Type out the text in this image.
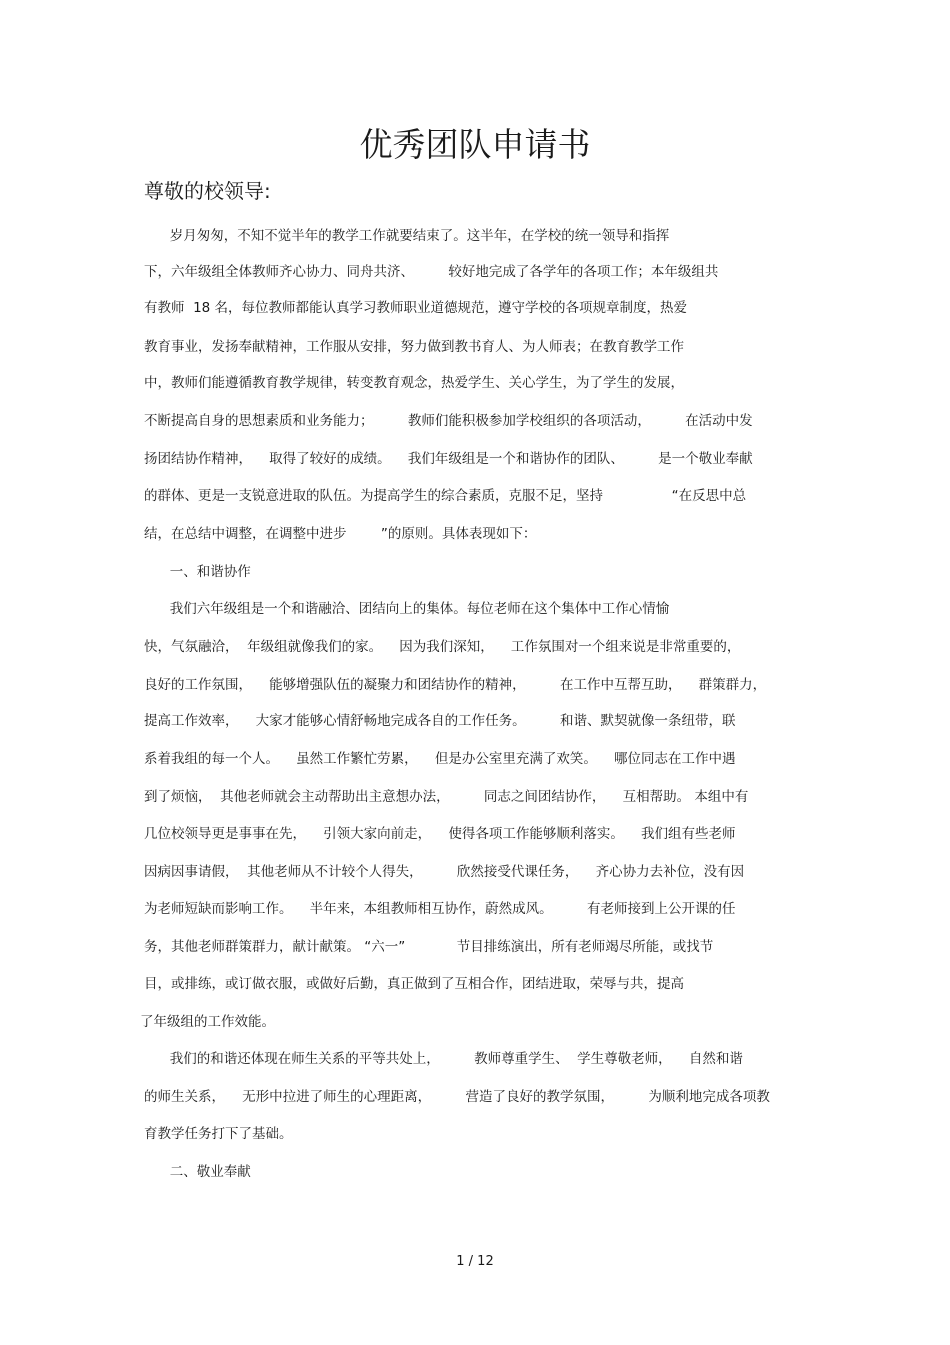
优秀团队申请书

尊敬的校领导:

岁月匆匆，不知不觉半年的教学工作就要结束了。这半年，在学校的统一领导和指挥

下，六年级组全体教师齐心协力、同舟共济、        较好地完成了各学年的各项工作；本年级组共

有教师  18 名，每位教师都能认真学习教师职业道德规范，遵守学校的各项规章制度，热爱

教育事业，发扬奉献精神，工作服从安排，努力做到教书育人、为人师表；在教育教学工作

中，教师们能遵循教育教学规律，转变教育观念，热爱学生、关心学生，为了学生的发展，

不断提高自身的思想素质和业务能力；        教师们能积极参加学校组织的各项活动，        在活动中发

扬团结协作精神，    取得了较好的成绩。    我们年级组是一个和谐协作的团队、        是一个敬业奉献

的群体、更是一支锐意进取的队伍。为提高学生的综合素质，克服不足，坚持                “在反思中总

结，在总结中调整，在调整中进步        ”的原则。具体表现如下：

一、和谐协作

我们六年级组是一个和谐融洽、团结向上的集体。每位老师在这个集体中工作心情愉

快，气氛融洽，  年级组就像我们的家。    因为我们深知，    工作氛围对一个组来说是非常重要的，

良好的工作氛围，    能够增强队伍的凝聚力和团结协作的精神，        在工作中互帮互助，    群策群力，

提高工作效率，    大家才能够心情舒畅地完成各自的工作任务。        和谐、默契就像一条纽带，联

系着我组的每一个人。    虽然工作繁忙劳累，    但是办公室里充满了欢笑。    哪位同志在工作中遇

到了烦恼，  其他老师就会主动帮助出主意想办法，        同志之间团结协作，    互相帮助。 本组中有

几位校领导更是事事在先，    引领大家向前走，    使得各项工作能够顺利落实。    我们组有些老师

因病因事请假，  其他老师从不计较个人得失，        欣然接受代课任务，    齐心协力去补位，没有因

为老师短缺而影响工作。    半年来，本组教师相互协作，蔚然成风。        有老师接到上公开课的任

务，其他老师群策群力，献计献策。 “六一”            节目排练演出，所有老师竭尽所能，或找节

目，或排练，或订做衣服，或做好后勤，真正做到了互相合作，团结进取，荣辱与共，提高

了年级组的工作效能。

我们的和谐还体现在师生关系的平等共处上，        教师尊重学生、  学生尊敬老师，    自然和谐

的师生关系，    无形中拉进了师生的心理距离，        营造了良好的教学氛围，        为顺利地完成各项教

育教学任务打下了基础。

二、敬业奉献

1 / 12
